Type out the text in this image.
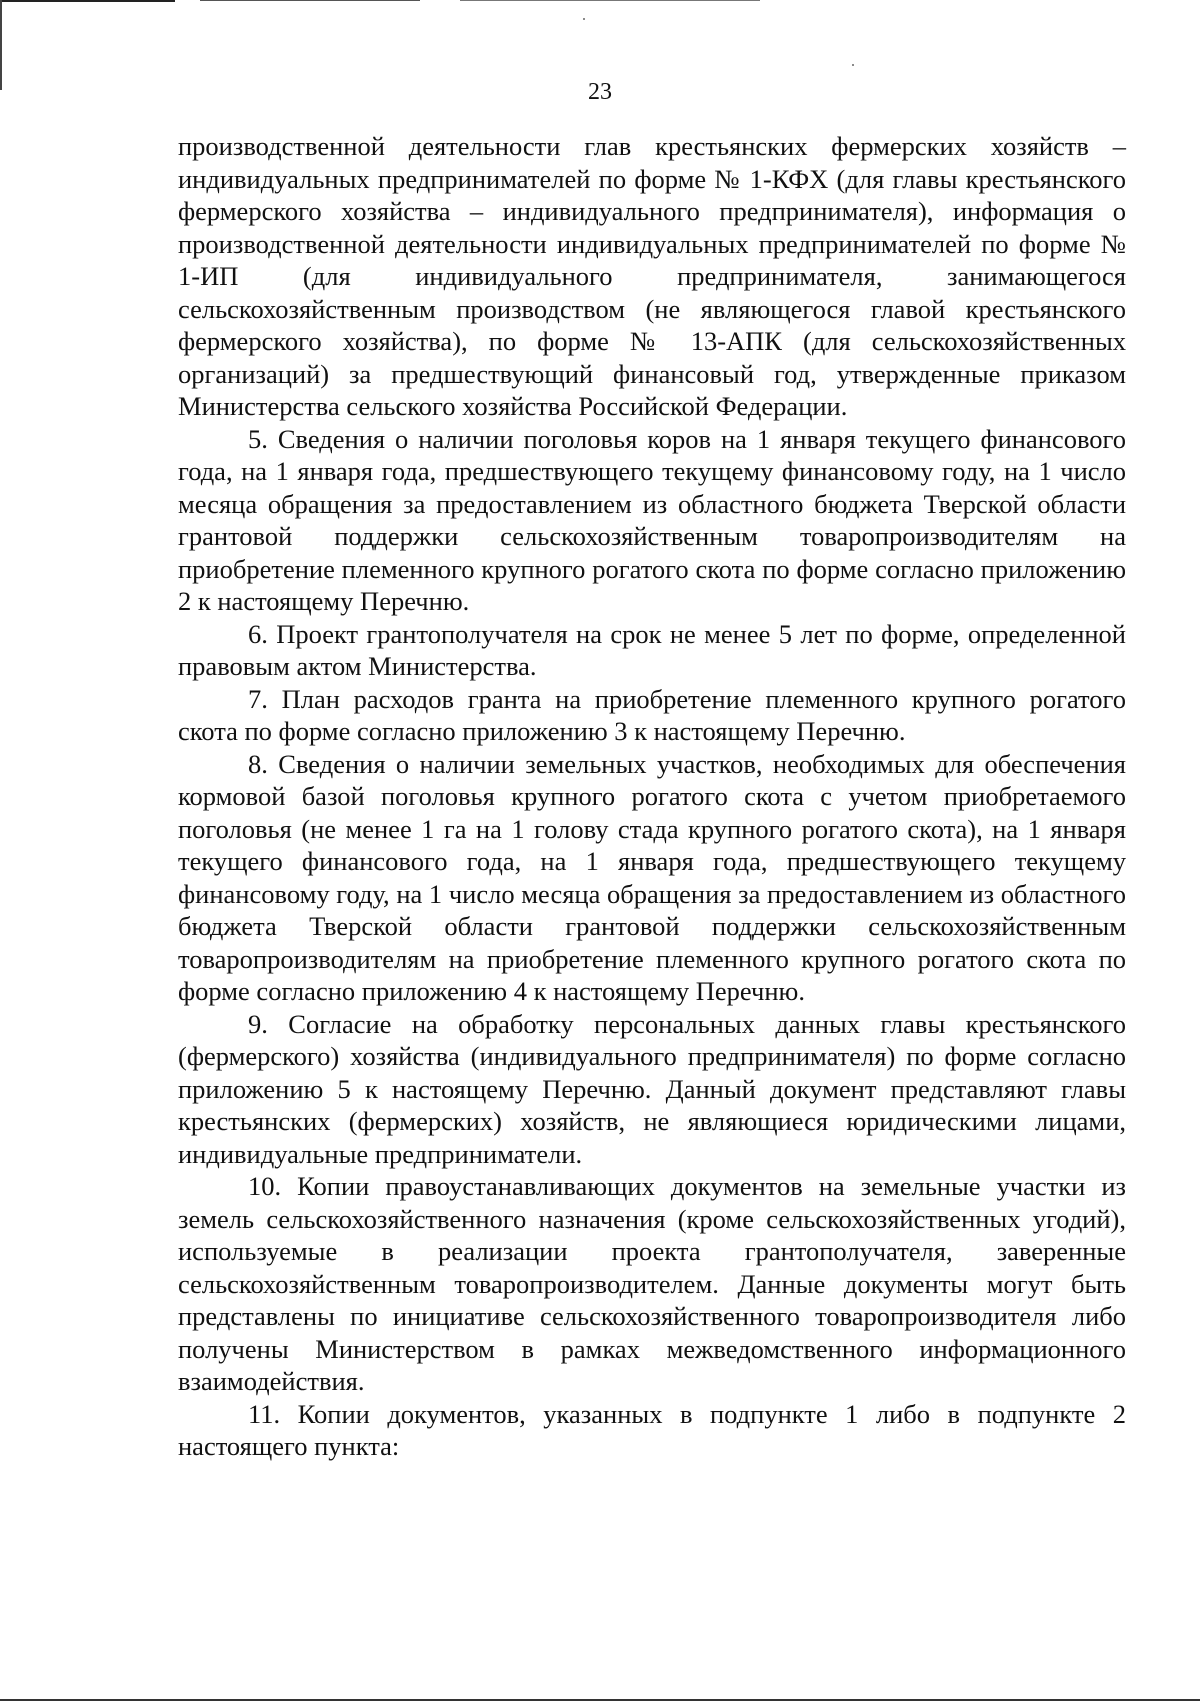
23

производственной деятельности глав крестьянских фермерских хозяйств – индивидуальных предпринимателей по форме № 1-КФХ (для главы крестьянского фермерского хозяйства – индивидуального предпринимателя), информация о производственной деятельности индивидуальных предпринимателей по форме № 1-ИП (для индивидуального предпринимателя, занимающегося сельскохозяйственным производством (не являющегося главой крестьянского фермерского хозяйства), по форме № 13-АПК (для сельскохозяйственных организаций) за предшествующий финансовый год, утвержденные приказом Министерства сельского хозяйства Российской Федерации.

5. Сведения о наличии поголовья коров на 1 января текущего финансового года, на 1 января года, предшествующего текущему финансовому году, на 1 число месяца обращения за предоставлением из областного бюджета Тверской области грантовой поддержки сельскохозяйственным товаропроизводителям на приобретение племенного крупного рогатого скота по форме согласно приложению 2 к настоящему Перечню.

6. Проект грантополучателя на срок не менее 5 лет по форме, определенной правовым актом Министерства.

7. План расходов гранта на приобретение племенного крупного рогатого скота по форме согласно приложению 3 к настоящему Перечню.

8. Сведения о наличии земельных участков, необходимых для обеспечения кормовой базой поголовья крупного рогатого скота с учетом приобретаемого поголовья (не менее 1 га на 1 голову стада крупного рогатого скота), на 1 января текущего финансового года, на 1 января года, предшествующего текущему финансовому году, на 1 число месяца обращения за предоставлением из областного бюджета Тверской области грантовой поддержки сельскохозяйственным товаропроизводителям на приобретение племенного крупного рогатого скота по форме согласно приложению 4 к настоящему Перечню.

9. Согласие на обработку персональных данных главы крестьянского (фермерского) хозяйства (индивидуального предпринимателя) по форме согласно приложению 5 к настоящему Перечню. Данный документ представляют главы крестьянских (фермерских) хозяйств, не являющиеся юридическими лицами, индивидуальные предприниматели.

10. Копии правоустанавливающих документов на земельные участки из земель сельскохозяйственного назначения (кроме сельскохозяйственных угодий), используемые в реализации проекта грантополучателя, заверенные сельскохозяйственным товаропроизводителем. Данные документы могут быть представлены по инициативе сельскохозяйственного товаропроизводителя либо получены Министерством в рамках межведомственного информационного взаимодействия.

11. Копии документов, указанных в подпункте 1 либо в подпункте 2 настоящего пункта:
